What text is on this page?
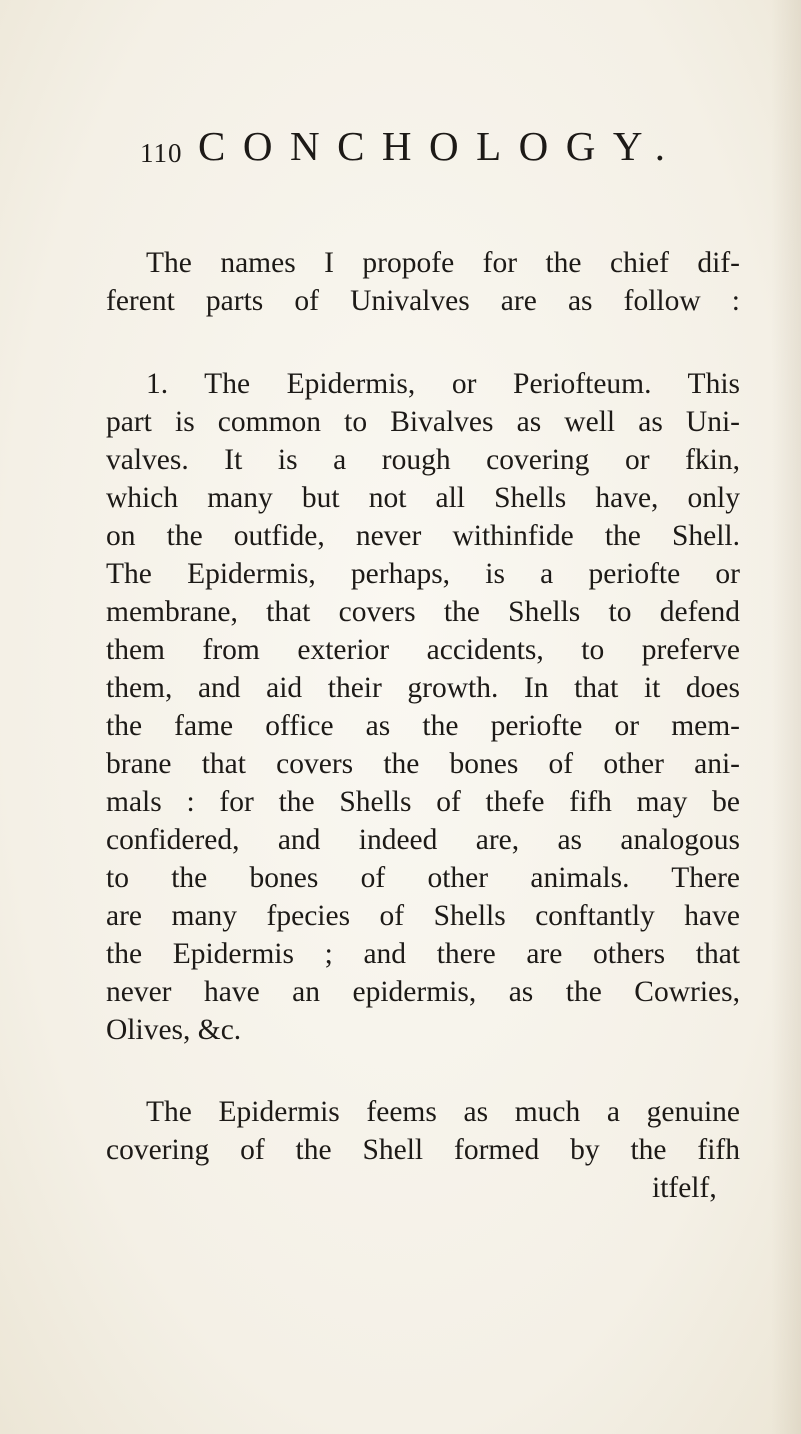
110 CONCHOLOGY.
The names I propofe for the chief dif-
ferent parts of Univalves are as follow :
1. The Epidermis, or Periofteum. This
part is common to Bivalves as well as Uni-
valves. It is a rough covering or fkin,
which many but not all Shells have, only
on the outfide, never withinfide the Shell.
The Epidermis, perhaps, is a periofte or
membrane, that covers the Shells to defend
them from exterior accidents, to preferve
them, and aid their growth. In that it does
the fame office as the periofte or mem-
brane that covers the bones of other ani-
mals : for the Shells of thefe fifh may be
confidered, and indeed are, as analogous
to the bones of other animals. There
are many fpecies of Shells conftantly have
the Epidermis ; and there are others that
never have an epidermis, as the Cowries,
Olives, &c.
The Epidermis feems as much a genuine
covering of the Shell formed by the fifh
itfelf,
